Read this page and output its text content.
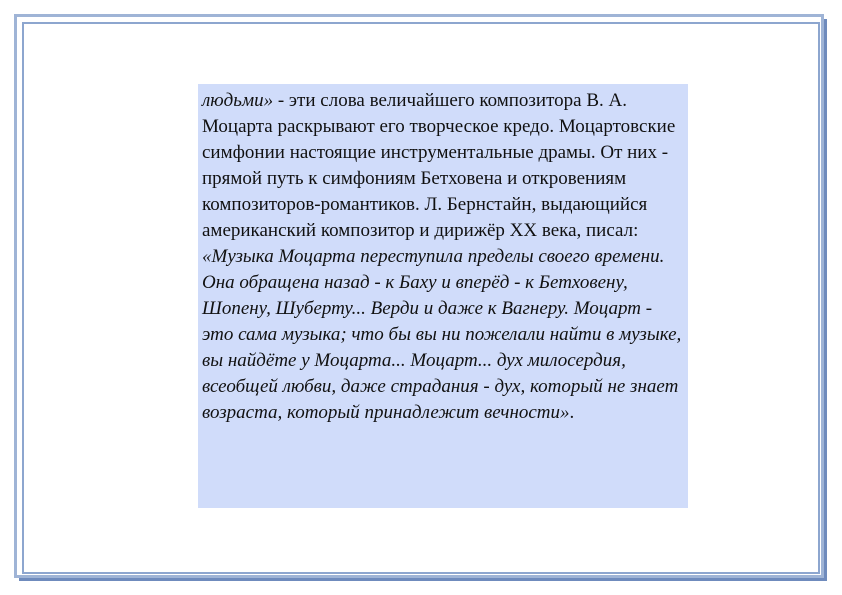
людьми» - эти слова величайшего композитора В. А. Моцарта раскрывают его творческое кредо. Моцартовские симфонии настоящие инструментальные драмы. От них - прямой путь к симфониям Бетховена и откровениям композиторов-романтиков. Л. Бернстайн, выдающийся американский композитор и дирижёр XX века, писал: «Музыка Моцарта переступила пределы своего времени. Она обращена назад - к Баху и вперёд - к Бетховену, Шопену, Шуберту... Верди и даже к Вагнеру. Моцарт - это сама музыка; что бы вы ни пожелали найти в музыке, вы найдёте у Моцарта... Моцарт... дух милосердия, всеобщей любви, даже страдания - дух, который не знает возраста, который принадлежит вечности».
